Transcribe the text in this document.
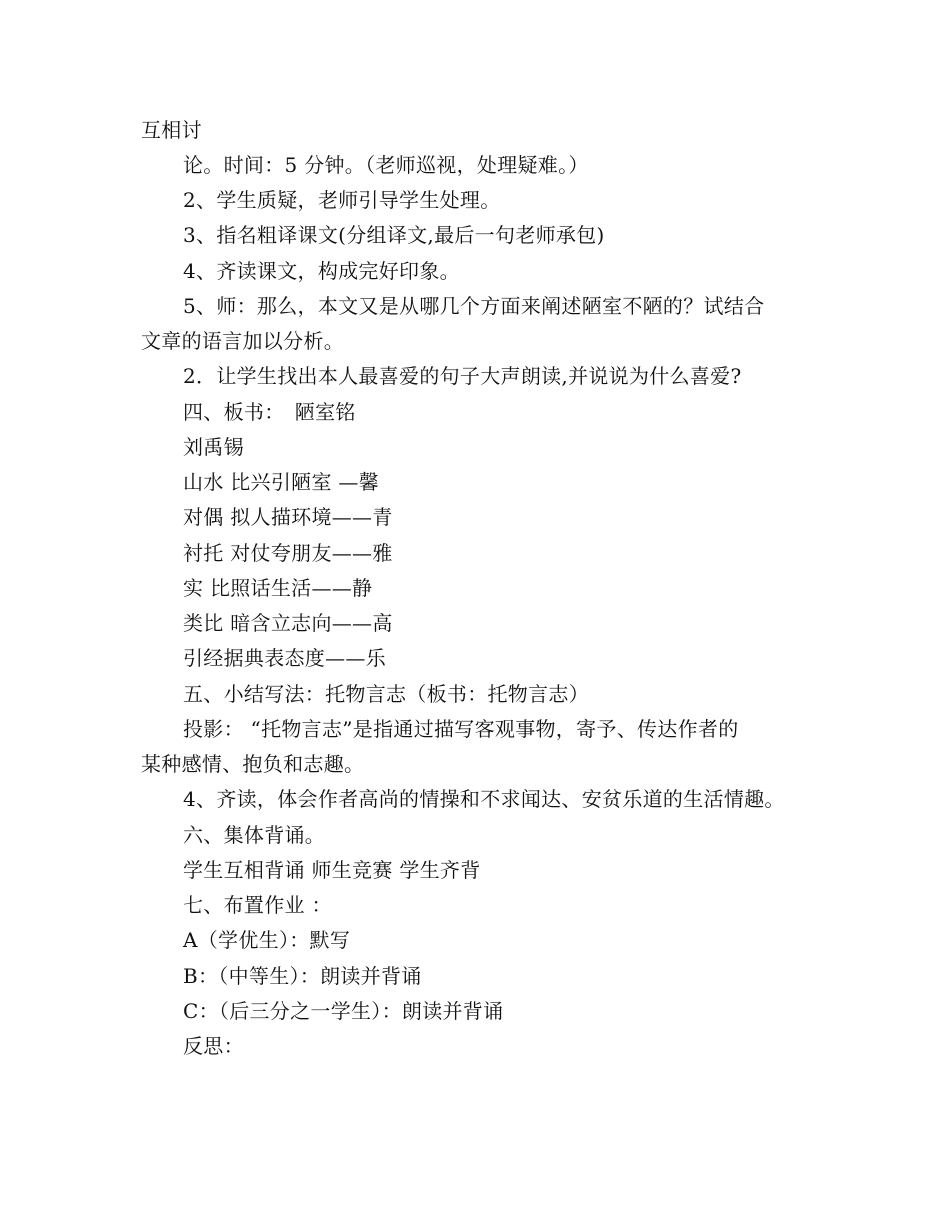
互相讨
论。时间：5 分钟。（老师巡视，处理疑难。）
2、学生质疑，老师引导学生处理。
3、指名粗译课文(分组译文,最后一句老师承包)
4、齐读课文，构成完好印象。
5、师：那么，本文又是从哪几个方面来阐述陋室不陋的？试结合
文章的语言加以分析。
2．让学生找出本人最喜爱的句子大声朗读,并说说为什么喜爱?
四、板书：　陋室铭
刘禹锡
山水 比兴引陋室 —馨
对偶 拟人描环境——青
衬托 对仗夸朋友——雅
实 比照话生活——静
类比 暗含立志向——高
引经据典表态度——乐
五、小结写法：托物言志（板书：托物言志）
投影： “托物言志”是指通过描写客观事物，寄予、传达作者的
某种感情、抱负和志趣。
4、齐读，体会作者高尚的情操和不求闻达、安贫乐道的生活情趣。
六、集体背诵。
学生互相背诵 师生竞赛 学生齐背
七、布置作业 ：
A（学优生）：默写
B：（中等生）：朗读并背诵
C：（后三分之一学生）：朗读并背诵
反思：
